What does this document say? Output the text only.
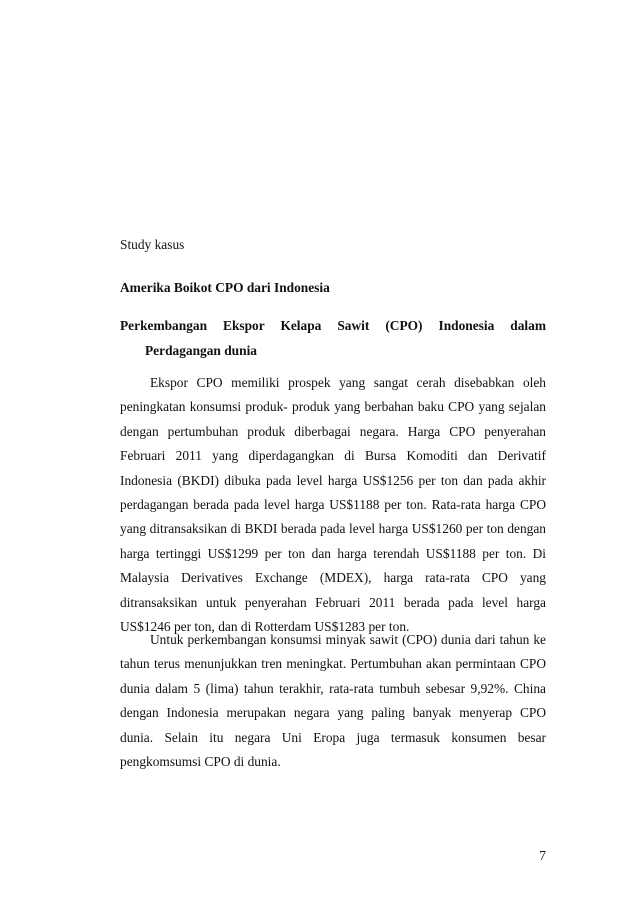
Study kasus
Amerika Boikot CPO dari Indonesia
Perkembangan Ekspor Kelapa Sawit (CPO) Indonesia dalam Perdagangan dunia
Ekspor CPO memiliki prospek yang sangat cerah disebabkan oleh peningkatan konsumsi produk- produk yang berbahan baku CPO yang sejalan dengan pertumbuhan produk diberbagai negara. Harga CPO penyerahan Februari 2011 yang diperdagangkan di Bursa Komoditi dan Derivatif Indonesia (BKDI) dibuka pada level harga US$1256 per ton dan pada akhir perdagangan berada pada level harga US$1188 per ton. Rata-rata harga CPO yang ditransaksikan di BKDI berada pada level harga US$1260 per ton dengan harga tertinggi US$1299 per ton dan harga terendah US$1188 per ton. Di Malaysia Derivatives Exchange (MDEX), harga rata-rata CPO yang ditransaksikan untuk penyerahan Februari 2011 berada pada level harga US$1246 per ton, dan di Rotterdam US$1283 per ton.
Untuk perkembangan konsumsi minyak sawit (CPO) dunia dari tahun ke tahun terus menunjukkan tren meningkat. Pertumbuhan akan permintaan CPO dunia dalam 5 (lima) tahun terakhir, rata-rata tumbuh sebesar 9,92%. China dengan Indonesia merupakan negara yang paling banyak menyerap CPO dunia. Selain itu negara Uni Eropa juga termasuk konsumen besar pengkomsumsi CPO di dunia.
7
